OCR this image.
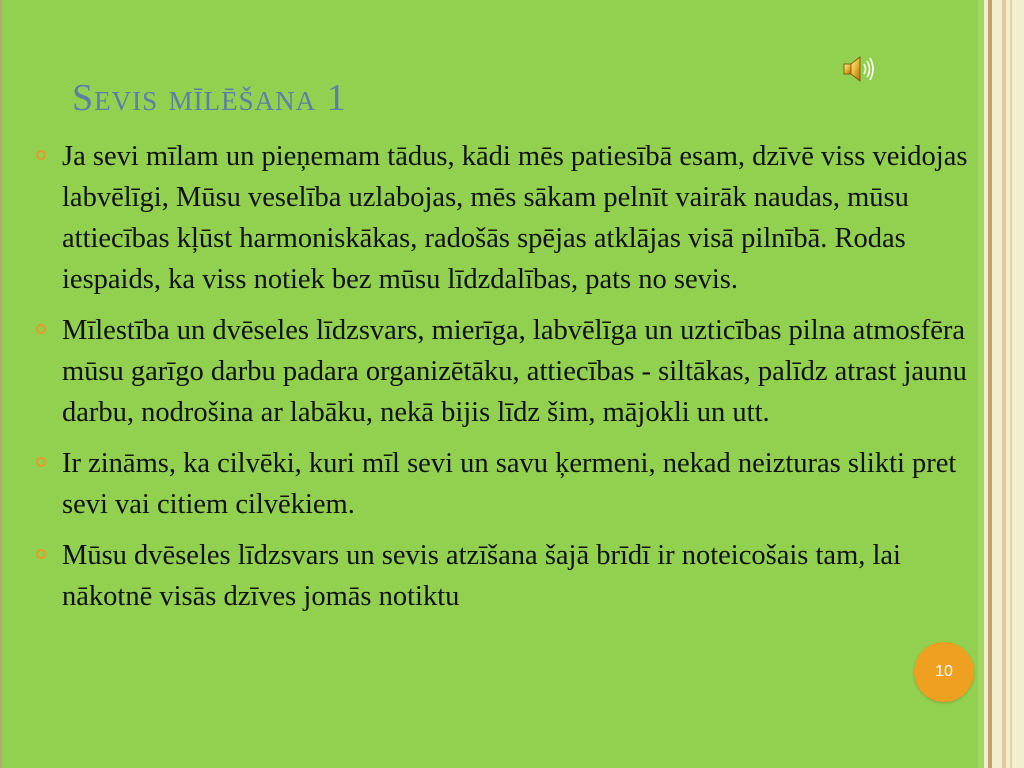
Sevis mīlēšana 1
Ja sevi mīlam un pieņemam tādus, kādi mēs patiesībā esam, dzīvē viss veidojas labvēlīgi, Mūsu veselība uzlabojas, mēs sākam pelnīt vairāk naudas, mūsu attiecības kļūst harmoniskākas, radošās spējas atklājas visā pilnībā. Rodas iespaids, ka viss notiek bez mūsu līdzdalības, pats no sevis.
Mīlestība un dvēseles līdzsvars, mierīga, labvēlīga un uzticības pilna atmosfēra mūsu garīgo darbu padara organizētāku, attiecības - siltākas, palīdz atrast jaunu darbu, nodrošina ar labāku, nekā bijis līdz šim, mājokli un utt.
Ir zināms, ka cilvēki, kuri mīl sevi un savu ķermeni, nekad neizturas slikti pret sevi vai citiem cilvēkiem.
Mūsu dvēseles līdzsvars un sevis atzīšana šajā brīdī ir noteicošais tam, lai nākotnē visās dzīves jomās notiktu
10
